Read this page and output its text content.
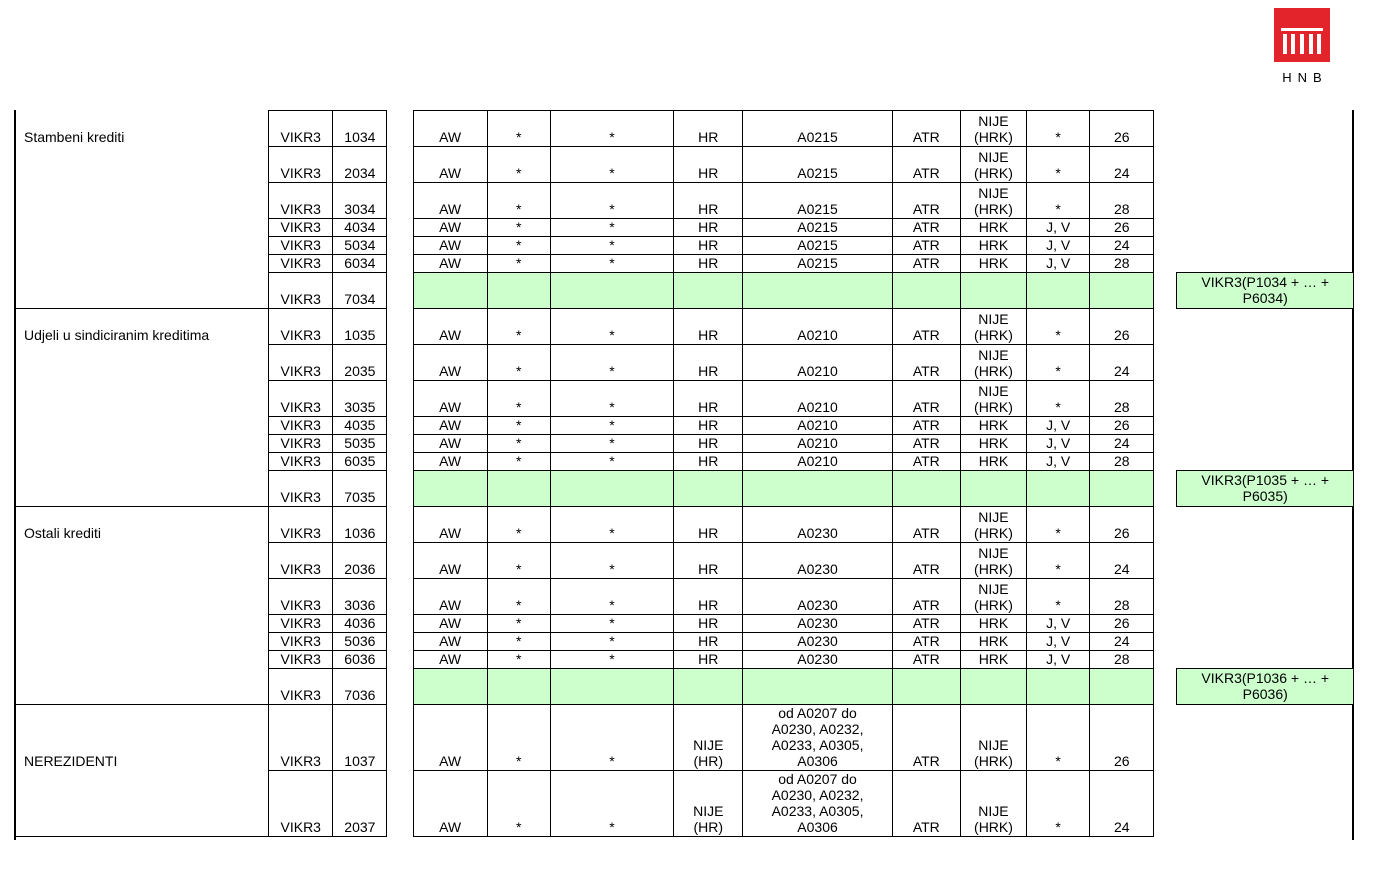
HNB
Stambeni krediti	VIKR3	1034		AW	*	*	HR	A0215	ATR	NIJE (HRK)	*	26		

	VIKR3	2034		AW	*	*	HR	A0215	ATR	NIJE (HRK)	*	24		

	VIKR3	3034		AW	*	*	HR	A0215	ATR	NIJE (HRK)	*	28		

	VIKR3	4034		AW	*	*	HR	A0215	ATR	HRK	J, V	26		

	VIKR3	5034		AW	*	*	HR	A0215	ATR	HRK	J, V	24		

	VIKR3	6034		AW	*	*	HR	A0215	ATR	HRK	J, V	28		

	VIKR3	7034												VIKR3(P1034 + … + P6034)

Udjeli u sindiciranim kreditima	VIKR3	1035		AW	*	*	HR	A0210	ATR	NIJE (HRK)	*	26		

	VIKR3	2035		AW	*	*	HR	A0210	ATR	NIJE (HRK)	*	24		

	VIKR3	3035		AW	*	*	HR	A0210	ATR	NIJE (HRK)	*	28		

	VIKR3	4035		AW	*	*	HR	A0210	ATR	HRK	J, V	26		

	VIKR3	5035		AW	*	*	HR	A0210	ATR	HRK	J, V	24		

	VIKR3	6035		AW	*	*	HR	A0210	ATR	HRK	J, V	28		

	VIKR3	7035												VIKR3(P1035 + … + P6035)

Ostali krediti	VIKR3	1036		AW	*	*	HR	A0230	ATR	NIJE (HRK)	*	26		

	VIKR3	2036		AW	*	*	HR	A0230	ATR	NIJE (HRK)	*	24		

	VIKR3	3036		AW	*	*	HR	A0230	ATR	NIJE (HRK)	*	28		

	VIKR3	4036		AW	*	*	HR	A0230	ATR	HRK	J, V	26		

	VIKR3	5036		AW	*	*	HR	A0230	ATR	HRK	J, V	24		

	VIKR3	6036		AW	*	*	HR	A0230	ATR	HRK	J, V	28		

	VIKR3	7036												VIKR3(P1036 + … + P6036)

NEREZIDENTI	VIKR3	1037		AW	*	*	NIJE (HR)	od A0207 do A0230, A0232, A0233, A0305, A0306	ATR	NIJE (HRK)	*	26		

	VIKR3	2037		AW	*	*	NIJE (HR)	od A0207 do A0230, A0232, A0233, A0305, A0306	ATR	NIJE (HRK)	*	24		
